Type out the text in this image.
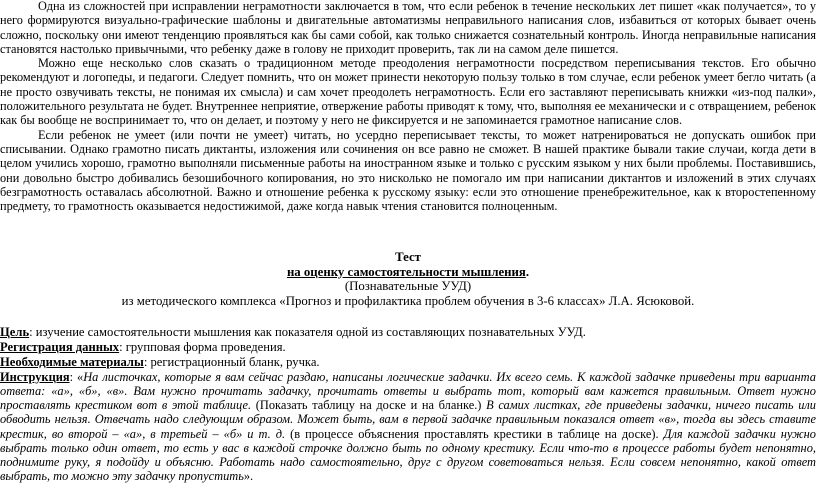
Одна из сложностей при исправлении неграмотности заключается в том, что если ребенок в течение нескольких лет пишет «как получается», то у него формируются визуально-графические шаблоны и двигательные автоматизмы неправильного написания слов, избавиться от которых бывает очень сложно, поскольку они имеют тенденцию проявляться как бы сами собой, как только снижается сознательный контроль. Иногда неправильные написания становятся настолько привычными, что ребенку даже в голову не приходит проверить, так ли на самом деле пишется.

Можно еще несколько слов сказать о традиционном методе преодоления неграмотности посредством переписывания текстов. Его обычно рекомендуют и логопеды, и педагоги. Следует помнить, что он может принести некоторую пользу только в том случае, если ребенок умеет бегло читать (а не просто озвучивать тексты, не понимая их смысла) и сам хочет преодолеть неграмотность. Если его заставляют переписывать книжки «из-под палки», положительного результата не будет. Внутреннее неприятие, отвержение работы приводят к тому, что, выполняя ее механически и с отвращением, ребенок как бы вообще не воспринимает то, что он делает, и поэтому у него не фиксируется и не запоминается грамотное написание слов.

Если ребенок не умеет (или почти не умеет) читать, но усердно переписывает тексты, то может натренироваться не допускать ошибок при списывании. Однако грамотно писать диктанты, изложения или сочинения он все равно не сможет. В нашей практике бывали такие случаи, когда дети в целом учились хорошо, грамотно выполняли письменные работы на иностранном языке и только с русским языком у них были проблемы. Поставившись, они довольно быстро добивались безошибочного копирования, но это нисколько не помогало им при написании диктантов и изложений в этих случаях безграмотность оставалась абсолютной. Важно и отношение ребенка к русскому языку: если это отношение пренебрежительное, как к второстепенному предмету, то грамотность оказывается недостижимой, даже когда навык чтения становится полноценным.

Тест

на оценку самостоятельности мышления.

(Познавательные УУД)

из методического комплекса «Прогноз и профилактика проблем обучения в 3-6 классах» Л.А. Ясюковой.

Цель: изучение самостоятельности мышления как показателя одной из составляющих познавательных УУД.

Регистрация данных: групповая форма проведения.

Необходимые материалы: регистрационный бланк, ручка.

Инструкция: «На листочках, которые я вам сейчас раздаю, написаны логические задачки. Их всего семь. К каждой задачке приведены три варианта ответа: «а», «б», «в». Вам нужно прочитать задачку, прочитать ответы и выбрать тот, который вам кажется правильным. Ответ нужно проставлять крестиком вот в этой таблице. (Показать таблицу на доске и на бланке.) В самих листках, где приведены задачки, ничего писать или обводить нельзя. Отвечать надо следующим образом. Может быть, вам в первой задачке правильным показался ответ «в», тогда вы здесь ставите крестик, во второй – «а», в третьей – «б» и т. д. (в процессе объяснения проставлять крестики в таблице на доске). Для каждой задачки нужно выбрать только один ответ, то есть у вас в каждой строчке должно быть по одному крестику. Если что-то в процессе работы будет непонятно, поднимите руку, я подойду и объясню. Работать надо самостоятельно, друг с другом советоваться нельзя. Если совсем непонятно, какой ответ выбрать, то можно эту задачку пропустить».
